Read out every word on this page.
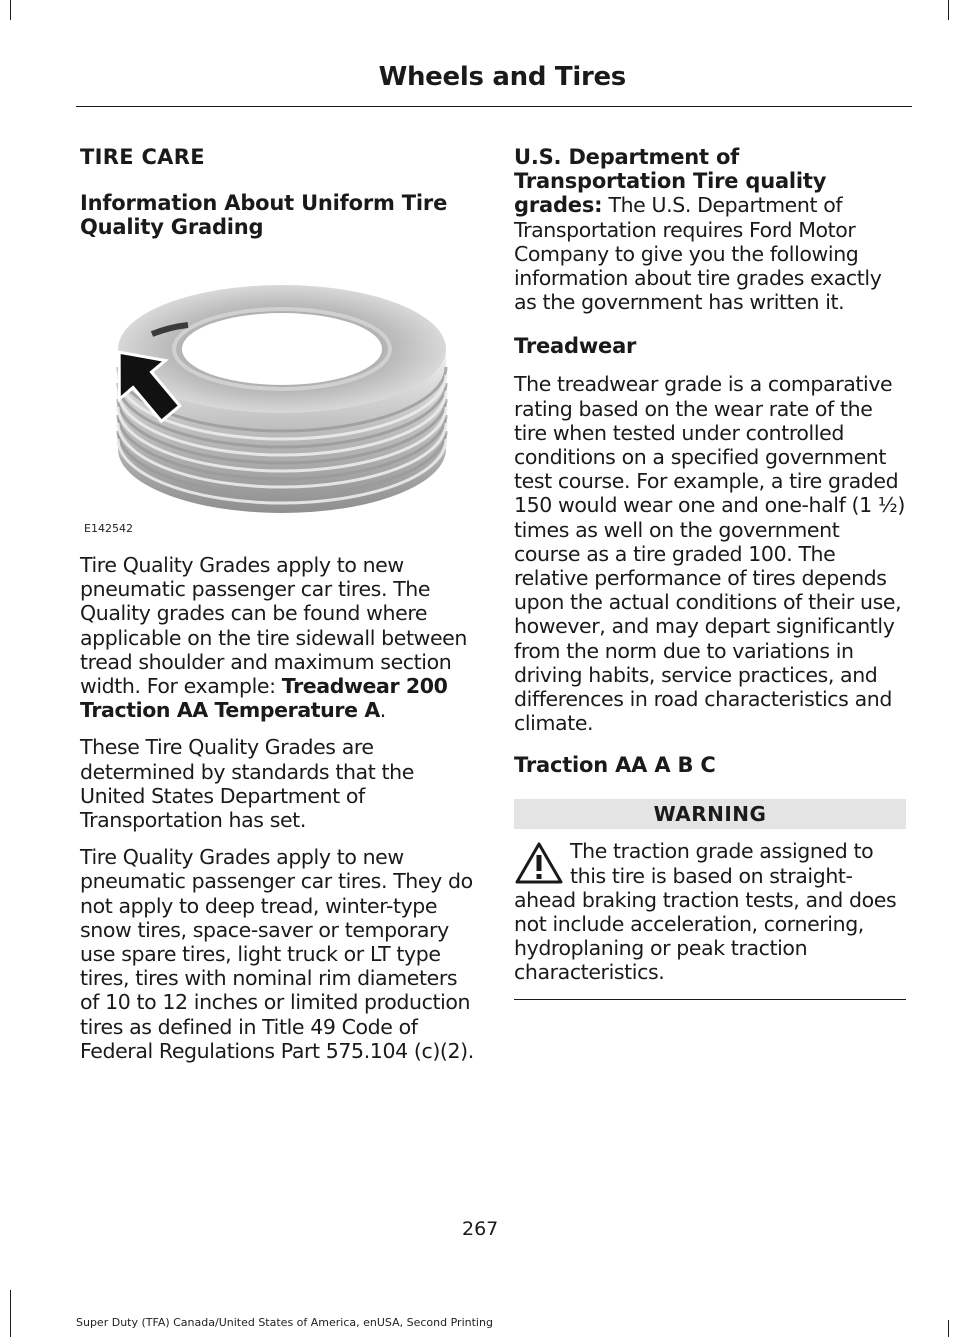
Wheels and Tires
TIRE CARE
Information About Uniform Tire Quality Grading
E142542

Tire Quality Grades apply to new pneumatic passenger car tires. The Quality grades can be found where applicable on the tire sidewall between tread shoulder and maximum section width. For example: Treadwear 200 Traction AA Temperature A.

These Tire Quality Grades are determined by standards that the United States Department of Transportation has set.

Tire Quality Grades apply to new pneumatic passenger car tires. They do not apply to deep tread, winter-type snow tires, space-saver or temporary use spare tires, light truck or LT type tires, tires with nominal rim diameters of 10 to 12 inches or limited production tires as defined in Title 49 Code of Federal Regulations Part 575.104 (c)(2).

U.S. Department of Transportation Tire quality grades: The U.S. Department of Transportation requires Ford Motor Company to give you the following information about tire grades exactly as the government has written it.

Treadwear

The treadwear grade is a comparative rating based on the wear rate of the tire when tested under controlled conditions on a specified government test course. For example, a tire graded 150 would wear one and one-half (1 ½) times as well on the government course as a tire graded 100. The relative performance of tires depends upon the actual conditions of their use, however, and may depart significantly from the norm due to variations in driving habits, service practices, and differences in road characteristics and climate.

Traction AA A B C
WARNING

The traction grade assigned to this tire is based on straight-ahead braking traction tests, and does not include acceleration, cornering, hydroplaning or peak traction characteristics.

267
Super Duty (TFA) Canada/United States of America, enUSA, Second Printing
